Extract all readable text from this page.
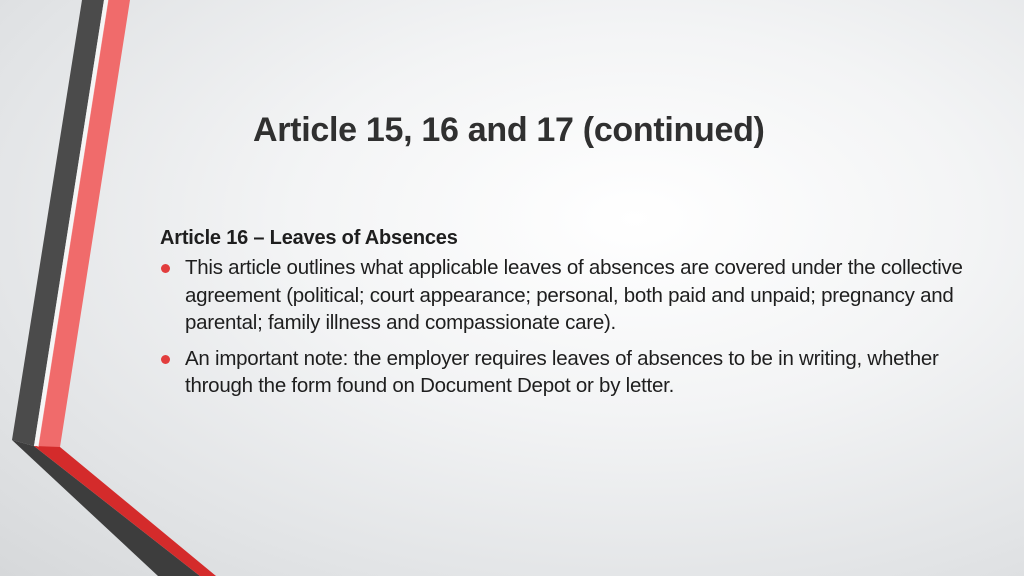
Article 15, 16 and 17 (continued)
Article 16 – Leaves of Absences
This article outlines what applicable leaves of absences are covered under the collective agreement (political; court appearance; personal, both paid and unpaid; pregnancy and parental; family illness and compassionate care).
An important note: the employer requires leaves of absences to be in writing, whether through the form found on Document Depot or by letter.
